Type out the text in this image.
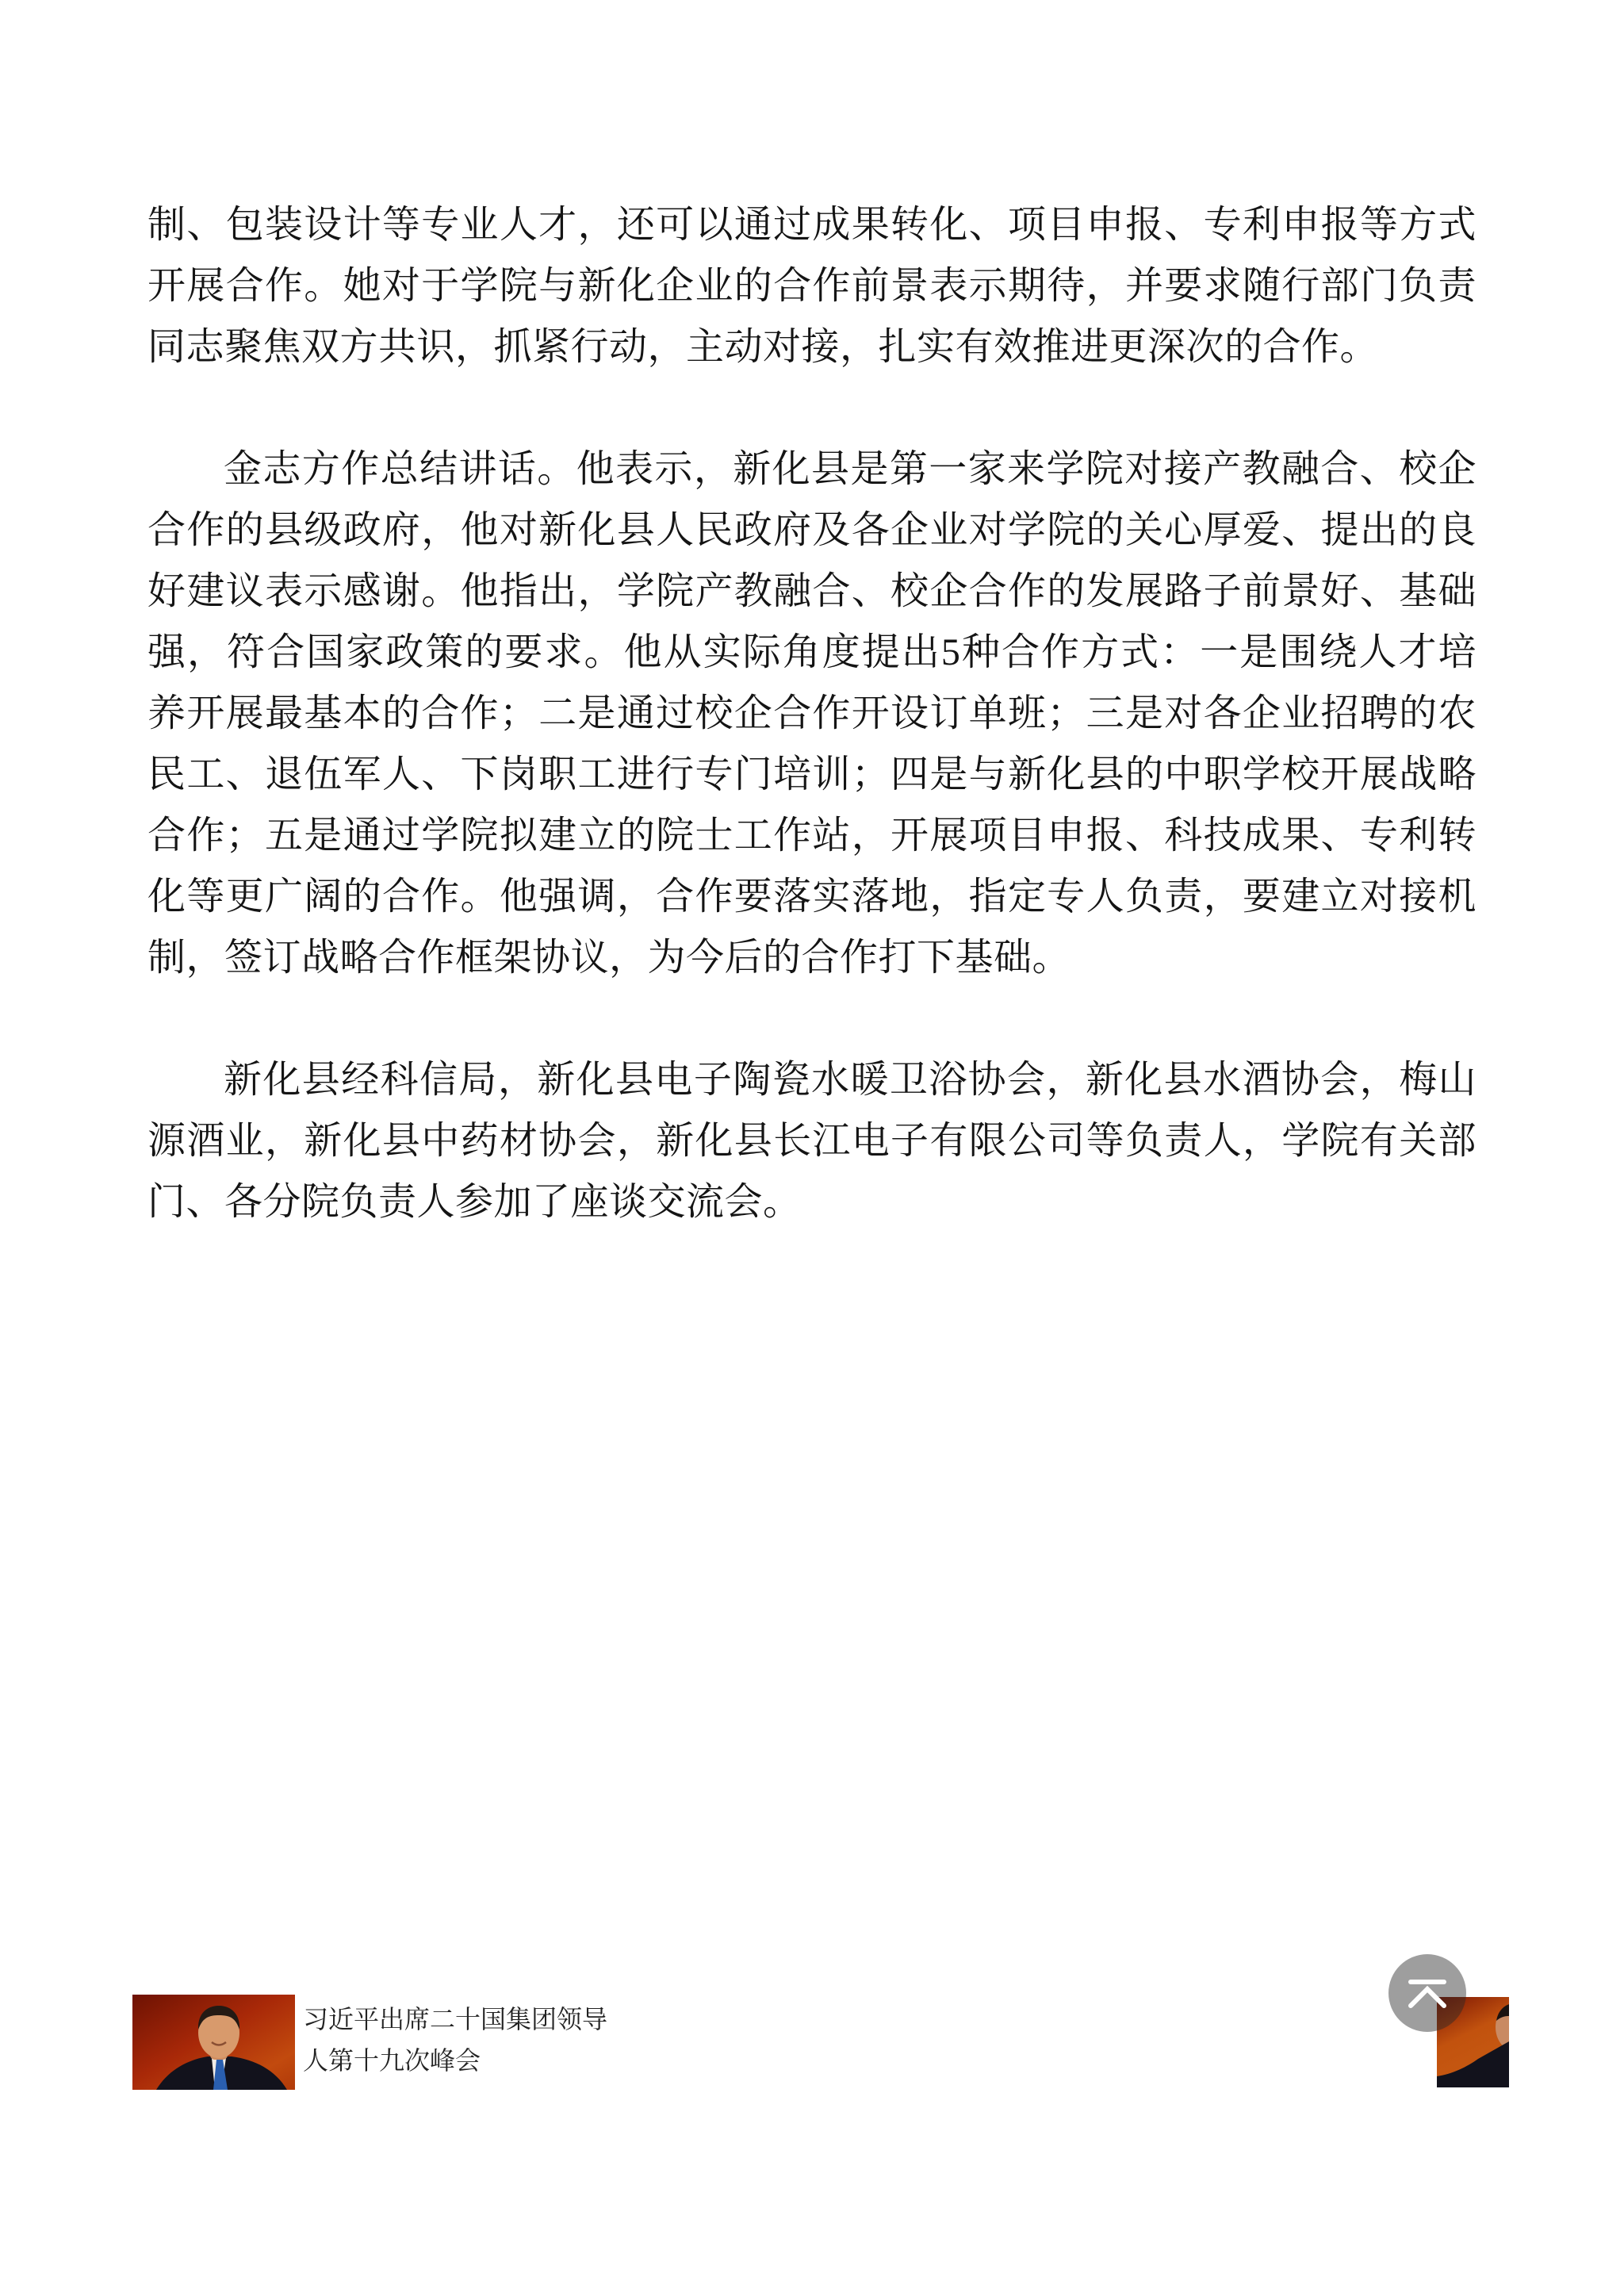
制、包装设计等专业人才，还可以通过成果转化、项目申报、专利申报等方式
开展合作。她对于学院与新化企业的合作前景表示期待，并要求随行部门负责
同志聚焦双方共识，抓紧行动，主动对接，扎实有效推进更深次的合作。

金志方作总结讲话。他表示，新化县是第一家来学院对接产教融合、校企
合作的县级政府，他对新化县人民政府及各企业对学院的关心厚爱、提出的良
好建议表示感谢。他指出，学院产教融合、校企合作的发展路子前景好、基础
强，符合国家政策的要求。他从实际角度提出5种合作方式：一是围绕人才培
养开展最基本的合作；二是通过校企合作开设订单班；三是对各企业招聘的农
民工、退伍军人、下岗职工进行专门培训；四是与新化县的中职学校开展战略
合作；五是通过学院拟建立的院士工作站，开展项目申报、科技成果、专利转
化等更广阔的合作。他强调，合作要落实落地，指定专人负责，要建立对接机
制，签订战略合作框架协议，为今后的合作打下基础。

新化县经科信局，新化县电子陶瓷水暖卫浴协会，新化县水酒协会，梅山
源酒业，新化县中药材协会，新化县长江电子有限公司等负责人，学院有关部
门、各分院负责人参加了座谈交流会。

习近平出席二十国集团领导
人第十九次峰会
